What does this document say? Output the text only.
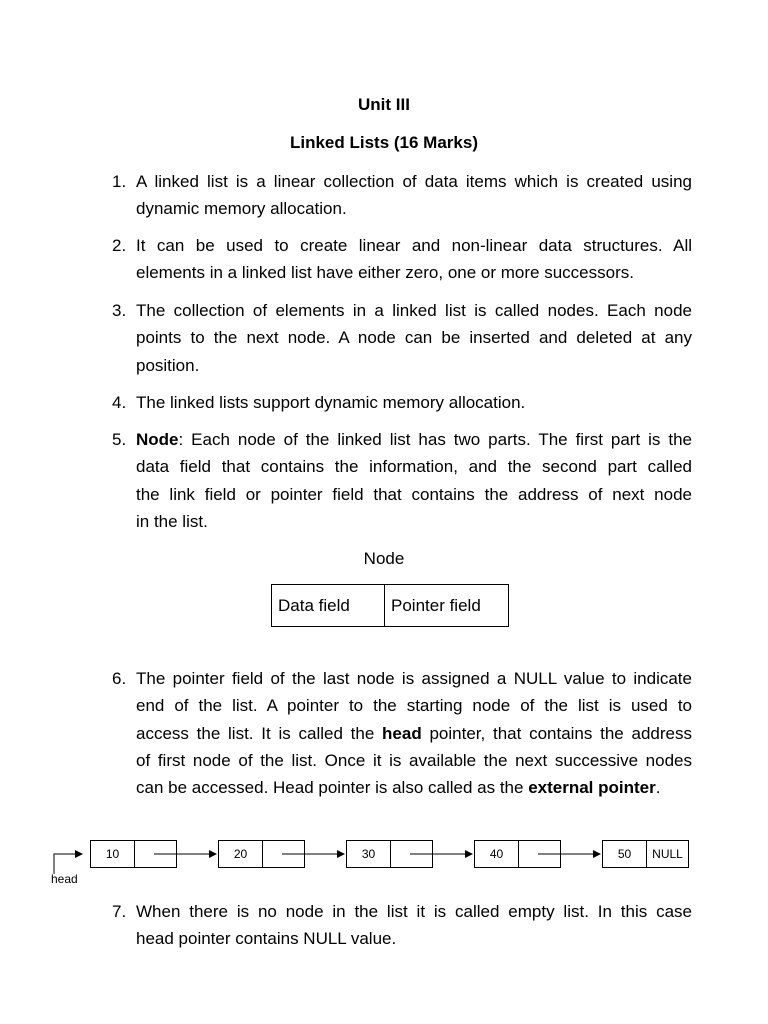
Unit III
Linked Lists (16 Marks)
1. A linked list is a linear collection of data items which is created using
dynamic memory allocation.
2. It can be used to create linear and non-linear data structures. All
elements in a linked list have either zero, one or more successors.
3. The collection of elements in a linked list is called nodes. Each node
points to the next node. A node can be inserted and deleted at any
position.
4. The linked lists support dynamic memory allocation.
5. Node: Each node of the linked list has two parts. The first part is the
data field that contains the information, and the second part called
the link field or pointer field that contains the address of next node
in the list.
Node
Data field	Pointer field
6. The pointer field of the last node is assigned a NULL value to indicate
end of the list. A pointer to the starting node of the list is used to
access the list. It is called the head pointer, that contains the address
of first node of the list. Once it is available the next successive nodes
can be accessed. Head pointer is also called as the external pointer.
10	20	30	40	50	NULL
head
7. When there is no node in the list it is called empty list. In this case
head pointer contains NULL value.
